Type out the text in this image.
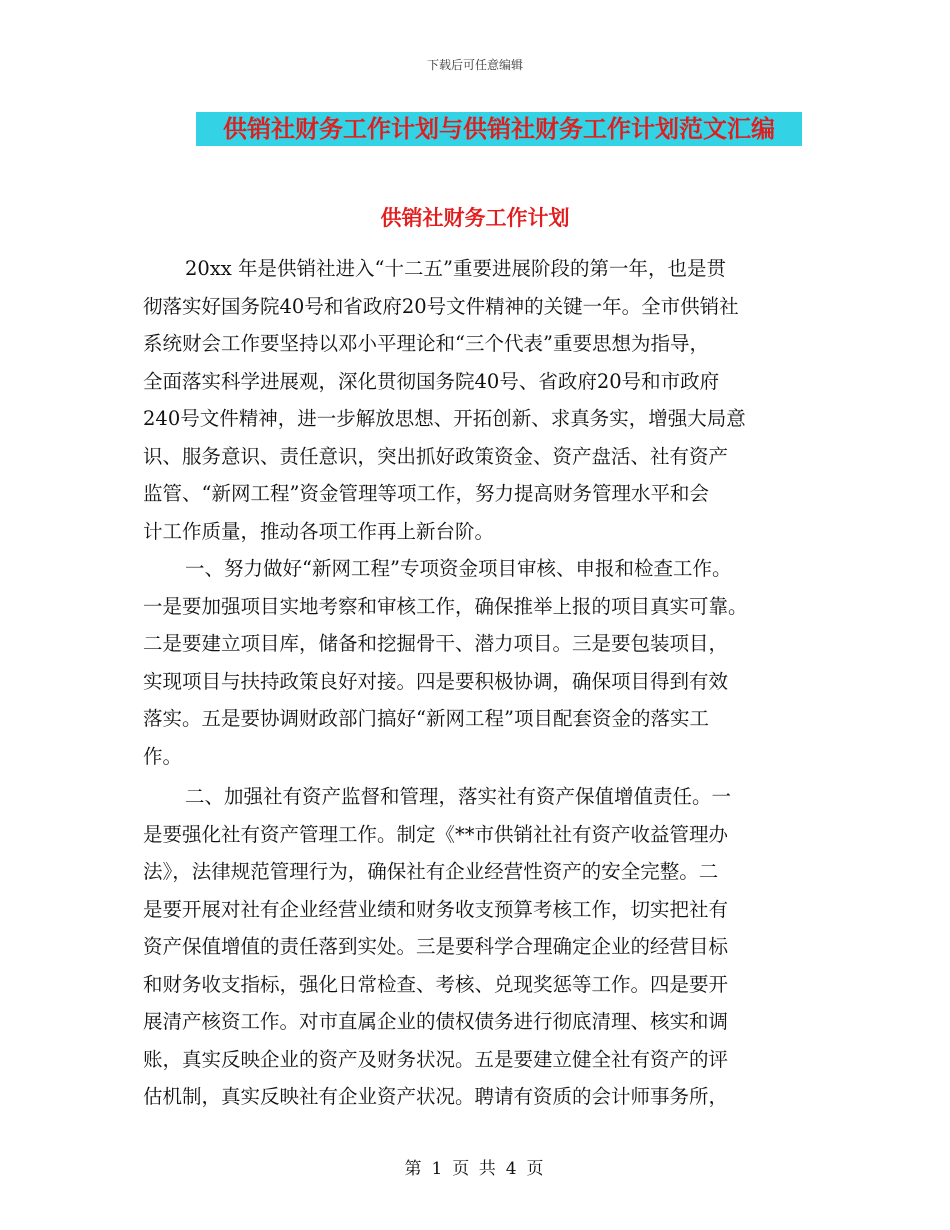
下载后可任意编辑
供销社财务工作计划与供销社财务工作计划范文汇编
供销社财务工作计划
20xx 年是供销社进入“十二五”重要进展阶段的第一年，也是贯
彻落实好国务院40号和省政府20号文件精神的关键一年。全市供销社
系统财会工作要坚持以邓小平理论和“三个代表”重要思想为指导，
全面落实科学进展观，深化贯彻国务院40号、省政府20号和市政府
240号文件精神，进一步解放思想、开拓创新、求真务实，增强大局意
识、服务意识、责任意识，突出抓好政策资金、资产盘活、社有资产
监管、“新网工程”资金管理等项工作，努力提高财务管理水平和会
计工作质量，推动各项工作再上新台阶。
一、努力做好“新网工程”专项资金项目审核、申报和检查工作。
一是要加强项目实地考察和审核工作，确保推举上报的项目真实可靠。
二是要建立项目库，储备和挖掘骨干、潜力项目。三是要包装项目，
实现项目与扶持政策良好对接。四是要积极协调，确保项目得到有效
落实。五是要协调财政部门搞好“新网工程”项目配套资金的落实工
作。
二、加强社有资产监督和管理，落实社有资产保值增值责任。一
是要强化社有资产管理工作。制定《**市供销社社有资产收益管理办
法》，法律规范管理行为，确保社有企业经营性资产的安全完整。二
是要开展对社有企业经营业绩和财务收支预算考核工作，切实把社有
资产保值增值的责任落到实处。三是要科学合理确定企业的经营目标
和财务收支指标，强化日常检查、考核、兑现奖惩等工作。四是要开
展清产核资工作。对市直属企业的债权债务进行彻底清理、核实和调
账，真实反映企业的资产及财务状况。五是要建立健全社有资产的评
估机制，真实反映社有企业资产状况。聘请有资质的会计师事务所，
第 1 页 共 4 页
